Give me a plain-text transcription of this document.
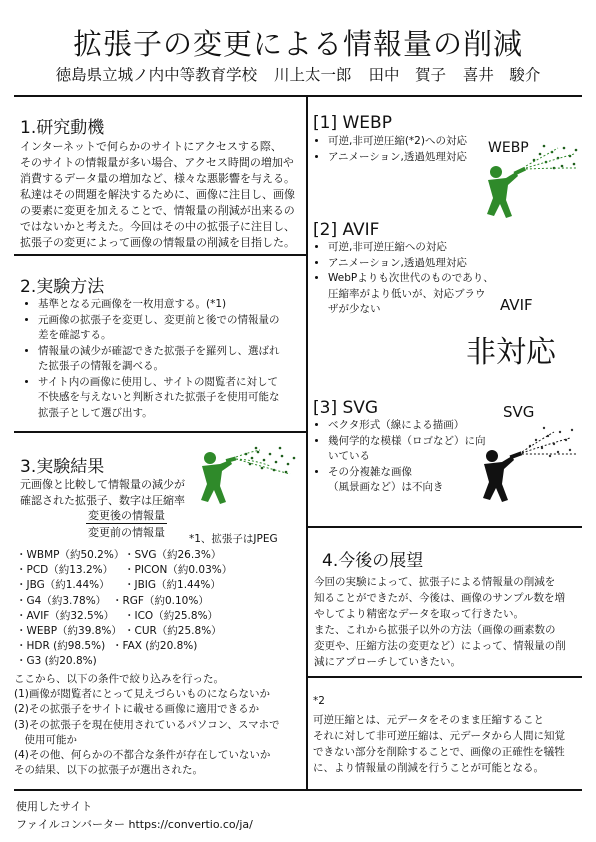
拡張子の変更による情報量の削減
徳島県立城ノ内中等教育学校 川上太一郎 田中　賀子 喜井　駿介
1.研究動機
インターネットで何らかのサイトにアクセスする際、
そのサイトの情報量が多い場合、アクセス時間の増加や
消費するデータ量の増加など、様々な悪影響を与える。
私達はその問題を解決するために、画像に注目し、画像
の要素に変更を加えることで、情報量の削減が出来るの
ではないかと考えた。今回はその中の拡張子に注目し、
拡張子の変更によって画像の情報量の削減を目指した。
2.実験方法
• 基準となる元画像を一枚用意する。(*1)
• 元画像の拡張子を変更し、変更前と後での情報量の
差を確認する。
• 情報量の減少が確認できた拡張子を羅列し、選ばれ
た拡張子の情報を調べる。
• サイト内の画像に使用し、サイトの閲覧者に対して
不快感を与えないと判断された拡張子を使用可能な
拡張子として選び出す。
3.実験結果
元画像と比較して情報量の減少が
確認された拡張子、数字は圧縮率
変更後の情報量
変更前の情報量 *1、拡張子はJPEG
・WBMP（約50.2%）・SVG（約26.3%）
・PCD（約13.2%） ・PICON（約0.03%）
・JBG（約1.44%） ・JBIG（約1.44%）
・G4（約3.78%） ・RGF（約0.10%）
・AVIF（約32.5%） ・ICO（約25.8%）
・WEBP（約39.8%） ・CUR（約25.8%）
・HDR (約98.5%) ・FAX (約20.8%)
・G3 (約20.8%)
ここから、以下の条件で絞り込みを行った。
(1)画像が閲覧者にとって見えづらいものにならないか
(2)その拡張子をサイトに載せる画像に適用できるか
(3)その拡張子を現在使用されているパソコン、スマホで
　使用可能か
(4)その他、何らかの不都合な条件が存在していないか
その結果、以下の拡張子が選出された。
[1] WEBP
• 可逆,非可逆圧縮(*2)への対応
• アニメーション,透過処理対応
WEBP
[2] AVIF
• 可逆,非可逆圧縮への対応
• アニメーション,透過処理対応
• WebPよりも次世代のものであり、
圧縮率がより低いが、対応ブラウ
ザが少ない	AVIF
非対応
[3] SVG	SVG
• ベクタ形式（線による描画）
• 幾何学的な模様（ロゴなど）に向
いている
• その分複雑な画像
（風景画など）は不向き
4.今後の展望
今回の実験によって、拡張子による情報量の削減を
知ることができたが、今後は、画像のサンプル数を増
やしてより精密なデータを取って行きたい。
また、これから拡張子以外の方法（画像の画素数の
変更や、圧縮方法の変更など）によって、情報量の削
減にアプローチしていきたい。
*2
可逆圧縮とは、元データをそのまま圧縮すること
それに対して非可逆圧縮は、元データから人間に知覚
できない部分を削除することで、画像の正確性を犠牲
に、より情報量の削減を行うことが可能となる。
使用したサイト
ファイルコンバーター https://convertio.co/ja/
